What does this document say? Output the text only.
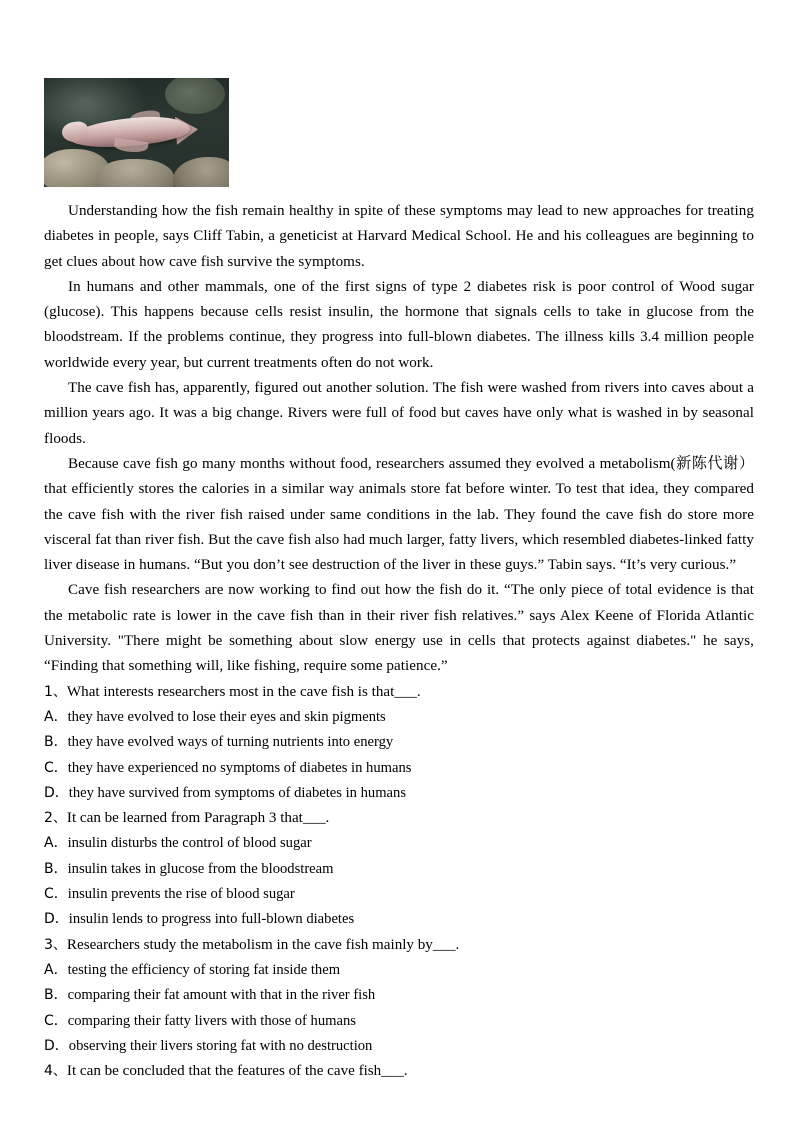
Understanding how the fish remain healthy in spite of these symptoms may lead to new approaches for treating diabetes in people, says Cliff Tabin, a geneticist at Harvard Medical School. He and his colleagues are beginning to get clues about how cave fish survive the symptoms.

In humans and other mammals, one of the first signs of type 2 diabetes risk is poor control of Wood sugar (glucose). This happens because cells resist insulin, the hormone that signals cells to take in glucose from the bloodstream. If the problems continue, they progress into full-blown diabetes. The illness kills 3.4 million people worldwide every year, but current treatments often do not work.

The cave fish has, apparently, figured out another solution. The fish were washed from rivers into caves about a million years ago. It was a big change. Rivers were full of food but caves have only what is washed in by seasonal floods.

Because cave fish go many months without food, researchers assumed they evolved a metabolism(新陈代谢）that efficiently stores the calories in a similar way animals store fat before winter. To test that idea, they compared the cave fish with the river fish raised under same conditions in the lab. They found the cave fish do store more visceral fat than river fish. But the cave fish also had much larger, fatty livers, which resembled diabetes-linked fatty liver disease in humans. “But you don’t see destruction of the liver in these guys.” Tabin says. “It’s very curious.”

Cave fish researchers are now working to find out how the fish do it. “The only piece of total evidence is that the metabolic rate is lower in the cave fish than in their river fish relatives.” says Alex Keene of Florida Atlantic University. "There might be something about slow energy use in cells that protects against diabetes." he says, “Finding that something will, like fishing, require some patience.”

1、What interests researchers most in the cave fish is that___.

A．they have evolved to lose their eyes and skin pigments

B．they have evolved ways of turning nutrients into energy

C．they have experienced no symptoms of diabetes in humans

D．they have survived from symptoms of diabetes in humans

2、It can be learned from Paragraph 3 that___.

A．insulin disturbs the control of blood sugar

B．insulin takes in glucose from the bloodstream

C．insulin prevents the rise of blood sugar

D．insulin lends to progress into full-blown diabetes

3、Researchers study the metabolism in the cave fish mainly by___.

A．testing the efficiency of storing fat inside them

B．comparing their fat amount with that in the river fish

C．comparing their fatty livers with those of humans

D．observing their livers storing fat with no destruction

4、It can be concluded that the features of the cave fish___.
